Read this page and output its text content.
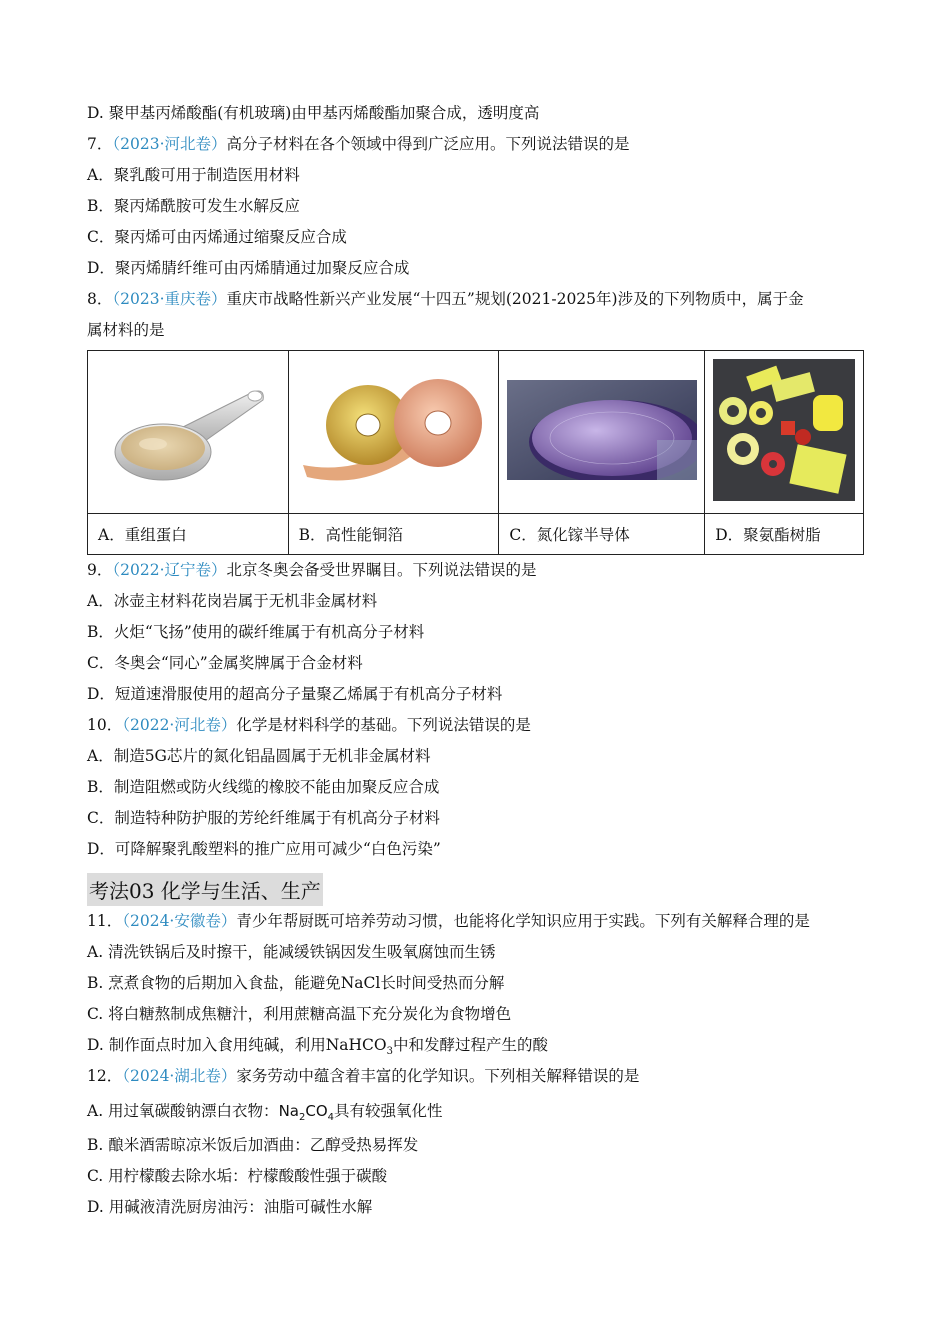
D. 聚甲基丙烯酸酯(有机玻璃)由甲基丙烯酸酯加聚合成，透明度高
7．（2023·河北卷）高分子材料在各个领域中得到广泛应用。下列说法错误的是
A．聚乳酸可用于制造医用材料
B．聚丙烯酰胺可发生水解反应
C．聚丙烯可由丙烯通过缩聚反应合成
D．聚丙烯腈纤维可由丙烯腈通过加聚反应合成
8．（2023·重庆卷）重庆市战略性新兴产业发展“十四五”规划(2021-2025年)涉及的下列物质中，属于金
属材料的是

A．重组蛋白	B．高性能铜箔	C．氮化镓半导体	D．聚氨酯树脂
9．（2022·辽宁卷）北京冬奥会备受世界瞩目。下列说法错误的是
A．冰壶主材料花岗岩属于无机非金属材料
B．火炬“飞扬”使用的碳纤维属于有机高分子材料
C．冬奥会“同心”金属奖牌属于合金材料
D．短道速滑服使用的超高分子量聚乙烯属于有机高分子材料
10．（2022·河北卷）化学是材料科学的基础。下列说法错误的是
A．制造5G芯片的氮化铝晶圆属于无机非金属材料
B．制造阻燃或防火线缆的橡胶不能由加聚反应合成
C．制造特种防护服的芳纶纤维属于有机高分子材料
D．可降解聚乳酸塑料的推广应用可减少“白色污染”
考法03 化学与生活、生产
11．（2024·安徽卷）青少年帮厨既可培养劳动习惯，也能将化学知识应用于实践。下列有关解释合理的是
A. 清洗铁锅后及时擦干，能减缓铁锅因发生吸氧腐蚀而生锈
B. 烹煮食物的后期加入食盐，能避免NaCl长时间受热而分解
C. 将白糖熬制成焦糖汁，利用蔗糖高温下充分炭化为食物增色
D. 制作面点时加入食用纯碱，利用NaHCO$_3$中和发酵过程产生的酸
12．（2024·湖北卷）家务劳动中蕴含着丰富的化学知识。下列相关解释错误的是
A. 用过氧碳酸钠漂白衣物：$Na_2CO_4$具有较强氧化性
B. 酿米酒需晾凉米饭后加酒曲：乙醇受热易挥发
C. 用柠檬酸去除水垢：柠檬酸酸性强于碳酸
D. 用碱液清洗厨房油污：油脂可碱性水解
